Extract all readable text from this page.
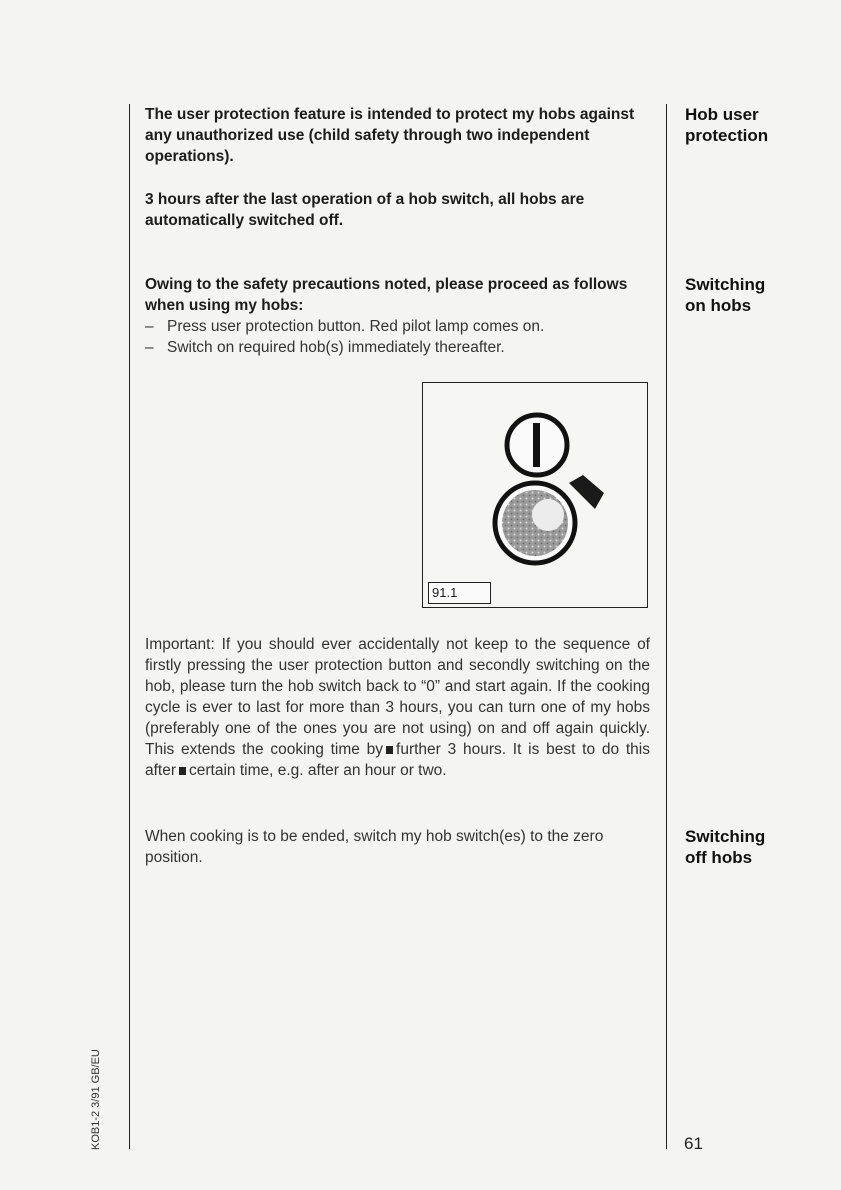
The user protection feature is intended to protect my hobs against any unauthorized use (child safety through two independent operations).
3 hours after the last operation of a hob switch, all hobs are automatically switched off.
Hob user
protection
Owing to the safety precautions noted, please proceed as follows when using my hobs:
– Press user protection button. Red pilot lamp comes on.
– Switch on required hob(s) immediately thereafter.
Switching
on hobs
91.1
Important: If you should ever accidentally not keep to the sequence of firstly pressing the user protection button and secondly switching on the hob, please turn the hob switch back to “0” and start again. If the cooking cycle is ever to last for more than 3 hours, you can turn one of my hobs (preferably one of the ones you are not using) on and off again quickly. This extends the cooking time by further 3 hours. It is best to do this after certain time, e.g. after an hour or two.
When cooking is to be ended, switch my hob switch(es) to the zero position.
Switching
off hobs
KOB1-2 3/91 GB/EU	61
